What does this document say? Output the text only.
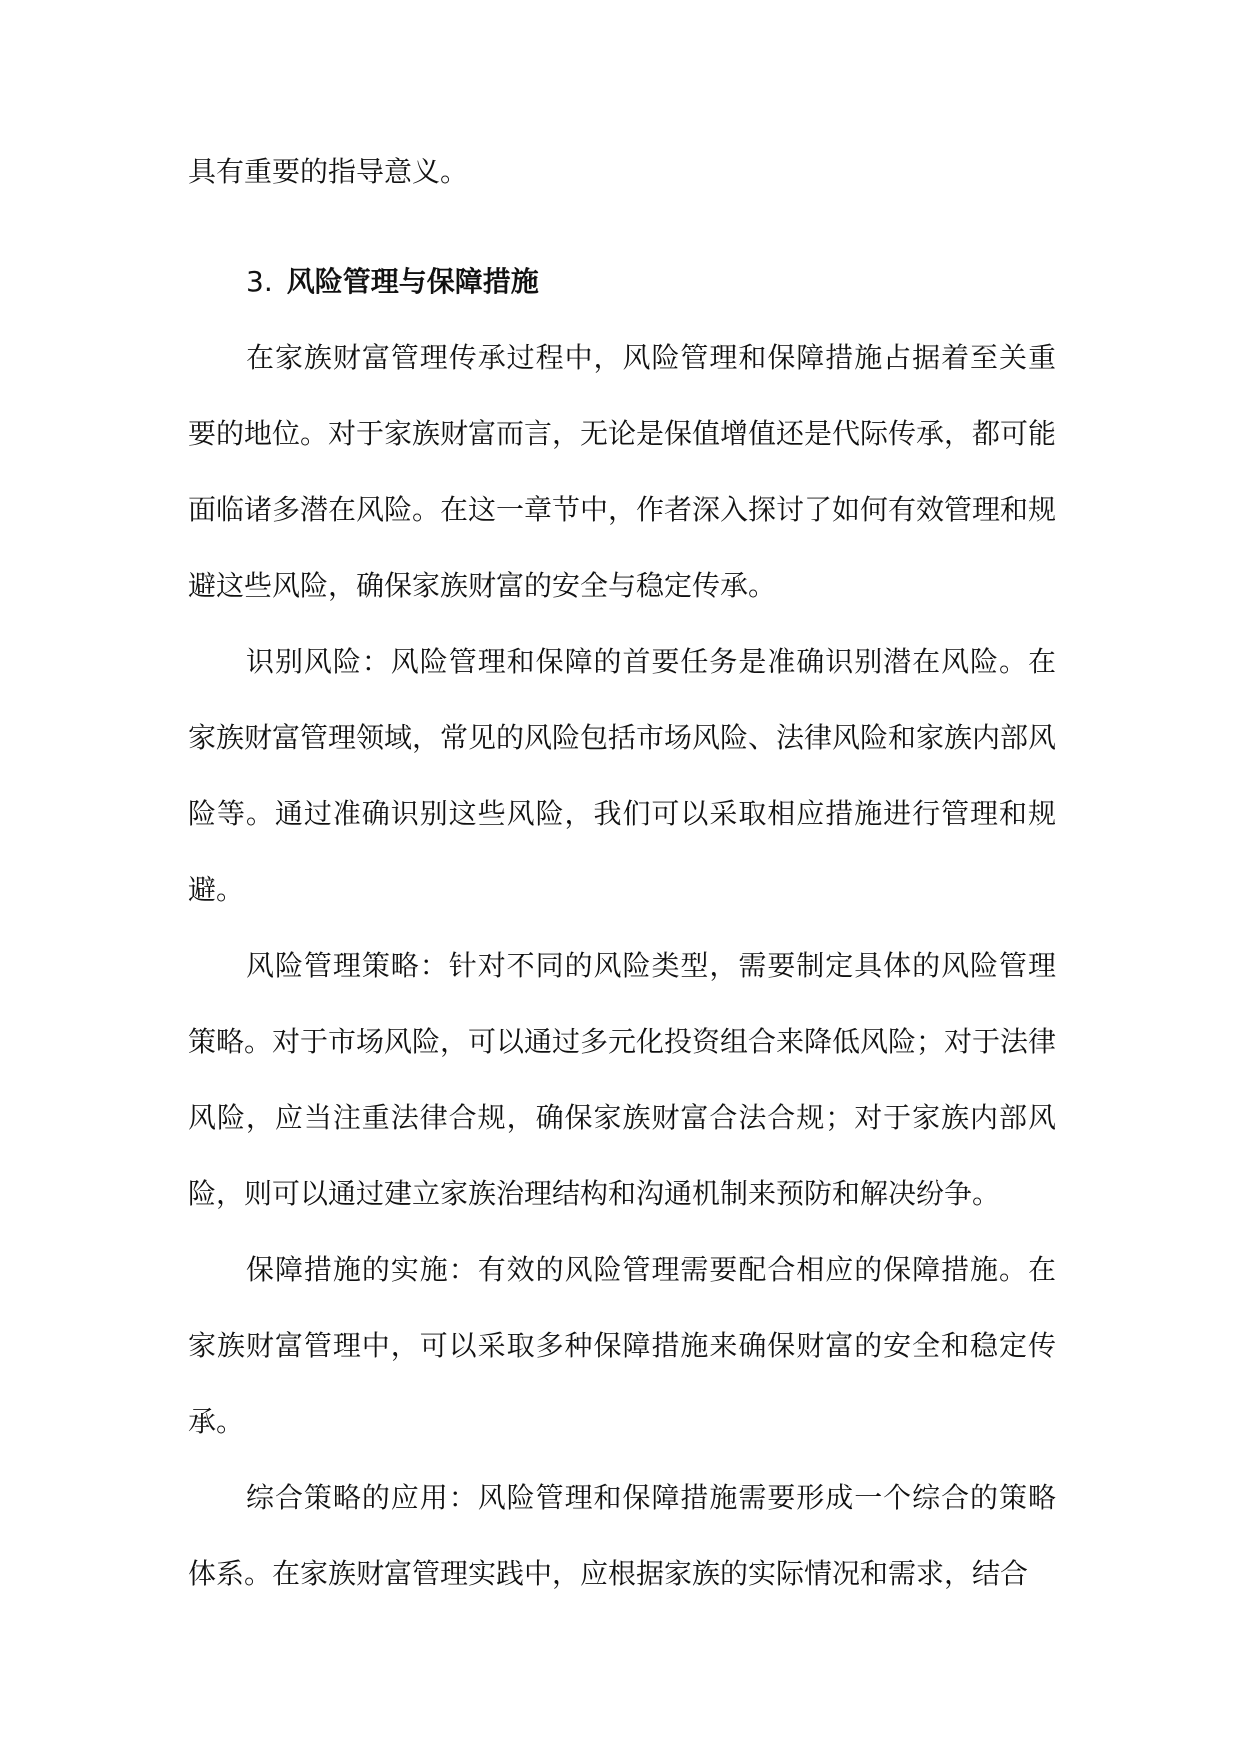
具有重要的指导意义。

3. 风险管理与保障措施

在家族财富管理传承过程中，风险管理和保障措施占据着至关重要的地位。对于家族财富而言，无论是保值增值还是代际传承，都可能面临诸多潜在风险。在这一章节中，作者深入探讨了如何有效管理和规避这些风险，确保家族财富的安全与稳定传承。

识别风险：风险管理和保障的首要任务是准确识别潜在风险。在家族财富管理领域，常见的风险包括市场风险、法律风险和家族内部风险等。通过准确识别这些风险，我们可以采取相应措施进行管理和规避。

风险管理策略：针对不同的风险类型，需要制定具体的风险管理策略。对于市场风险，可以通过多元化投资组合来降低风险；对于法律风险，应当注重法律合规，确保家族财富合法合规；对于家族内部风险，则可以通过建立家族治理结构和沟通机制来预防和解决纷争。

保障措施的实施：有效的风险管理需要配合相应的保障措施。在家族财富管理中，可以采取多种保障措施来确保财富的安全和稳定传承。

综合策略的应用：风险管理和保障措施需要形成一个综合的策略体系。在家族财富管理实践中，应根据家族的实际情况和需求，结合
